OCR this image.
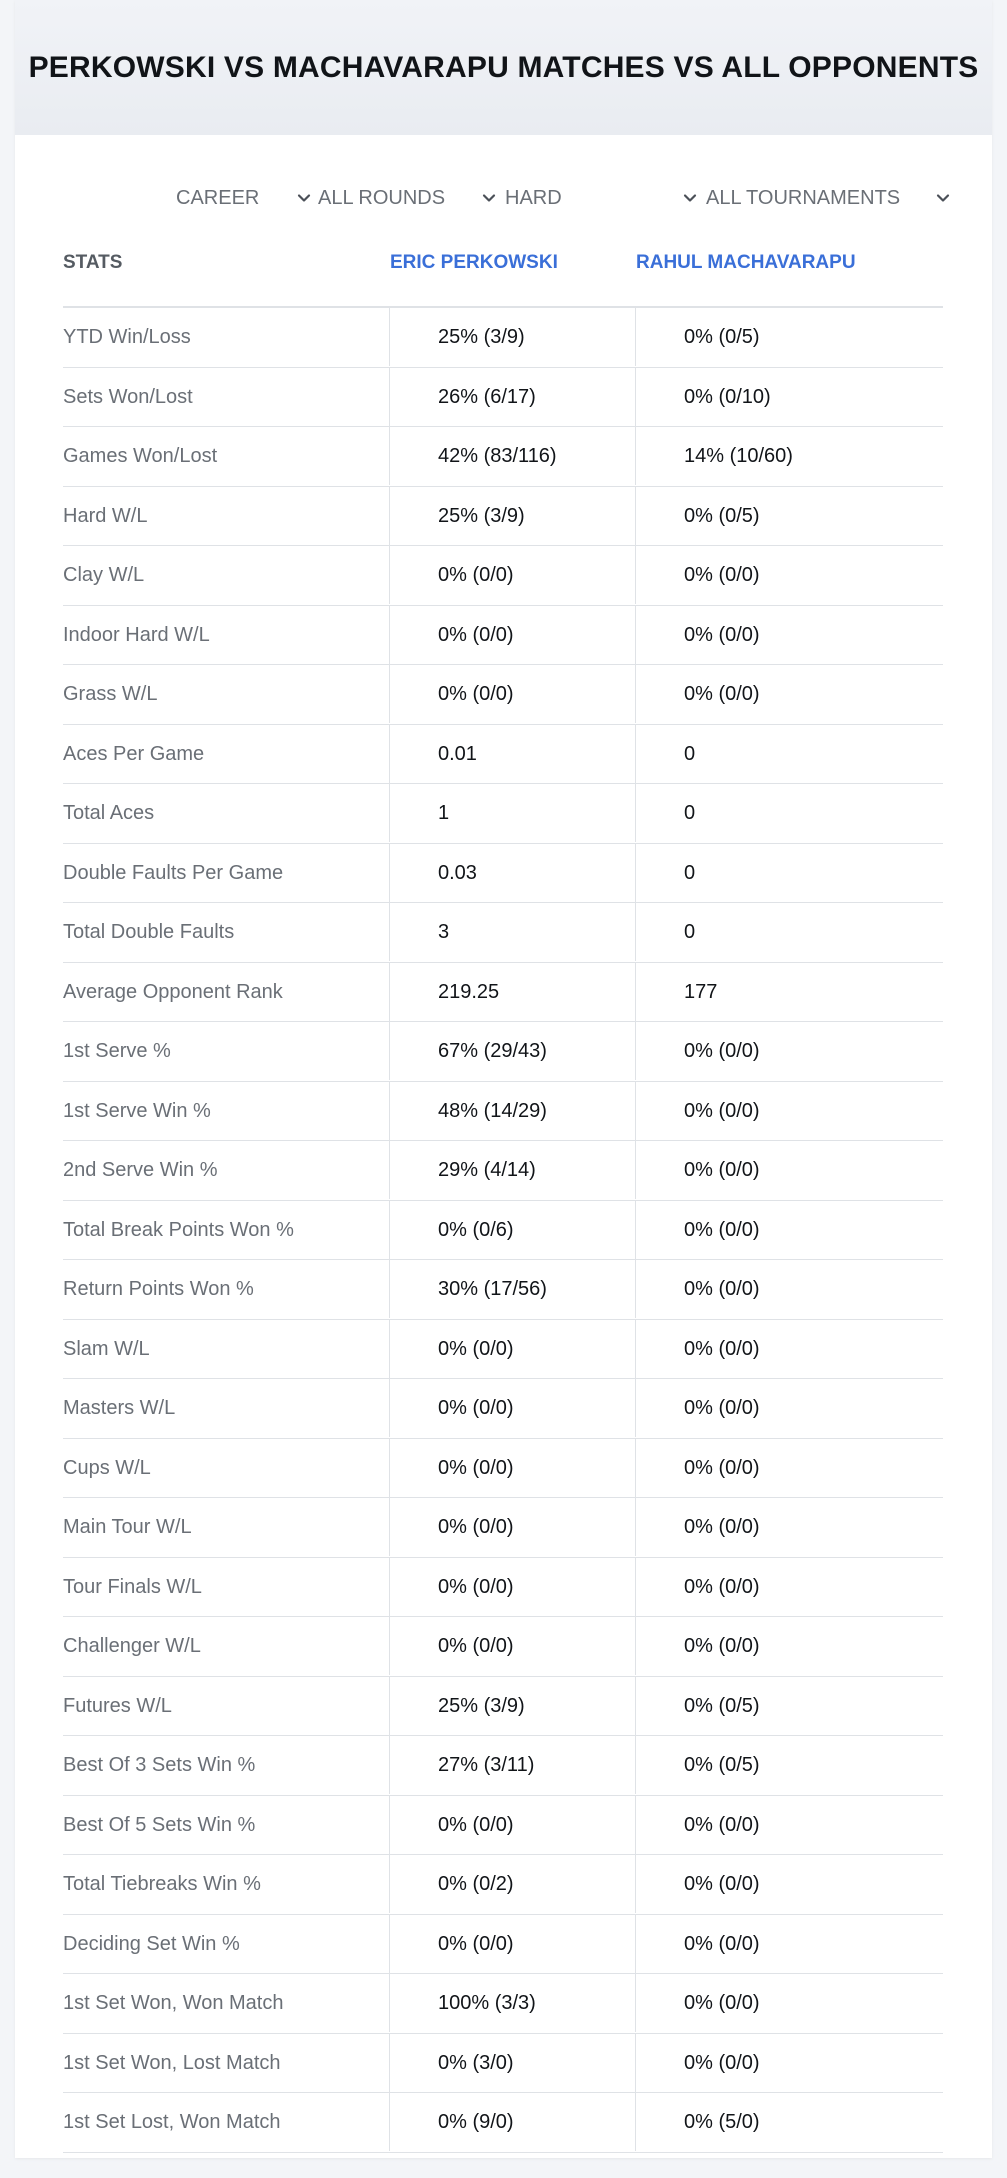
PERKOWSKI VS MACHAVARAPU MATCHES VS ALL OPPONENTS
CAREER	ALL ROUNDS	HARD	ALL TOURNAMENTS
STATS	ERIC PERKOWSKI	RAHUL MACHAVARAPU
YTD Win/Loss	25% (3/9)	0% (0/5)
Sets Won/Lost	26% (6/17)	0% (0/10)
Games Won/Lost	42% (83/116)	14% (10/60)
Hard W/L	25% (3/9)	0% (0/5)
Clay W/L	0% (0/0)	0% (0/0)
Indoor Hard W/L	0% (0/0)	0% (0/0)
Grass W/L	0% (0/0)	0% (0/0)
Aces Per Game	0.01	0
Total Aces	1	0
Double Faults Per Game	0.03	0
Total Double Faults	3	0
Average Opponent Rank	219.25	177
1st Serve %	67% (29/43)	0% (0/0)
1st Serve Win %	48% (14/29)	0% (0/0)
2nd Serve Win %	29% (4/14)	0% (0/0)
Total Break Points Won %	0% (0/6)	0% (0/0)
Return Points Won %	30% (17/56)	0% (0/0)
Slam W/L	0% (0/0)	0% (0/0)
Masters W/L	0% (0/0)	0% (0/0)
Cups W/L	0% (0/0)	0% (0/0)
Main Tour W/L	0% (0/0)	0% (0/0)
Tour Finals W/L	0% (0/0)	0% (0/0)
Challenger W/L	0% (0/0)	0% (0/0)
Futures W/L	25% (3/9)	0% (0/5)
Best Of 3 Sets Win %	27% (3/11)	0% (0/5)
Best Of 5 Sets Win %	0% (0/0)	0% (0/0)
Total Tiebreaks Win %	0% (0/2)	0% (0/0)
Deciding Set Win %	0% (0/0)	0% (0/0)
1st Set Won, Won Match	100% (3/3)	0% (0/0)
1st Set Won, Lost Match	0% (3/0)	0% (0/0)
1st Set Lost, Won Match	0% (9/0)	0% (5/0)
